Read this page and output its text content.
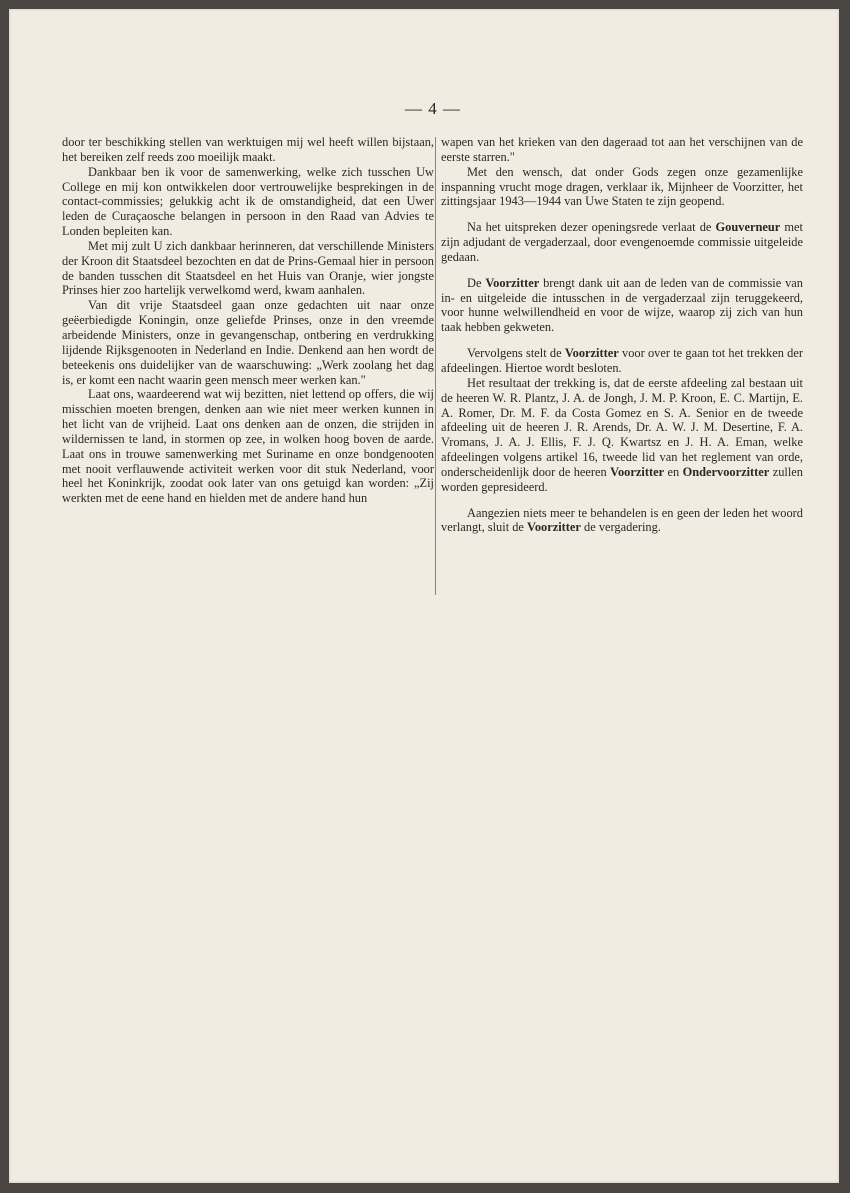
— 4 —

door ter beschikking stellen van werktuigen mij wel heeft willen bijstaan, het bereiken zelf reeds zoo moeilijk maakt.

Dankbaar ben ik voor de samenwerking, welke zich tusschen Uw College en mij kon ontwikkelen door vertrouwelijke besprekingen in de contact-commissies; gelukkig acht ik de omstandigheid, dat een Uwer leden de Curaçaosche belangen in persoon in den Raad van Advies te Londen bepleiten kan.

Met mij zult U zich dankbaar herinneren, dat verschillende Ministers der Kroon dit Staatsdeel bezochten en dat de Prins-Gemaal hier in persoon de banden tusschen dit Staatsdeel en het Huis van Oranje, wier jongste Prinses hier zoo hartelijk verwelkomd werd, kwam aanhalen.

Van dit vrije Staatsdeel gaan onze gedachten uit naar onze geëerbiedigde Koningin, onze geliefde Prinses, onze in den vreemde arbeidende Ministers, onze in gevangenschap, ontbering en verdrukking lijdende Rijksgenooten in Nederland en Indie. Denkend aan hen wordt de beteekenis ons duidelijker van de waarschuwing: „Werk zoolang het dag is, er komt een nacht waarin geen mensch meer werken kan."

Laat ons, waardeerend wat wij bezitten, niet lettend op offers, die wij misschien moeten brengen, denken aan wie niet meer werken kunnen in het licht van de vrijheid. Laat ons denken aan de onzen, die strijden in wildernissen te land, in stormen op zee, in wolken hoog boven de aarde. Laat ons in trouwe samenwerking met Suriname en onze bondgenooten met nooit verflauwende activiteit werken voor dit stuk Nederland, voor heel het Koninkrijk, zoodat ook later van ons getuigd kan worden: „Zij werkten met de eene hand en hielden met de andere hand hun

wapen van het krieken van den dageraad tot aan het verschijnen van de eerste starren."

Met den wensch, dat onder Gods zegen onze gezamenlijke inspanning vrucht moge dragen, verklaar ik, Mijnheer de Voorzitter, het zittingsjaar 1943—1944 van Uwe Staten te zijn geopend.

Na het uitspreken dezer openingsrede verlaat de Gouverneur met zijn adjudant de vergaderzaal, door evengenoemde commissie uitgeleide gedaan.

De Voorzitter brengt dank uit aan de leden van de commissie van in- en uitgeleide die intusschen in de vergaderzaal zijn teruggekeerd, voor hunne welwillendheid en voor de wijze, waarop zij zich van hun taak hebben gekweten.

Vervolgens stelt de Voorzitter voor over te gaan tot het trekken der afdeelingen. Hiertoe wordt besloten.

Het resultaat der trekking is, dat de eerste afdeeling zal bestaan uit de heeren W. R. Plantz, J. A. de Jongh, J. M. P. Kroon, E. C. Martijn, E. A. Romer, Dr. M. F. da Costa Gomez en S. A. Senior en de tweede afdeeling uit de heeren J. R. Arends, Dr. A. W. J. M. Desertine, F. A. Vromans, J. A. J. Ellis, F. J. Q. Kwartsz en J. H. A. Eman, welke afdeelingen volgens artikel 16, tweede lid van het reglement van orde, onderscheidenlijk door de heeren Voorzitter en Ondervoorzitter zullen worden gepresideerd.

Aangezien niets meer te behandelen is en geen der leden het woord verlangt, sluit de Voorzitter de vergadering.
